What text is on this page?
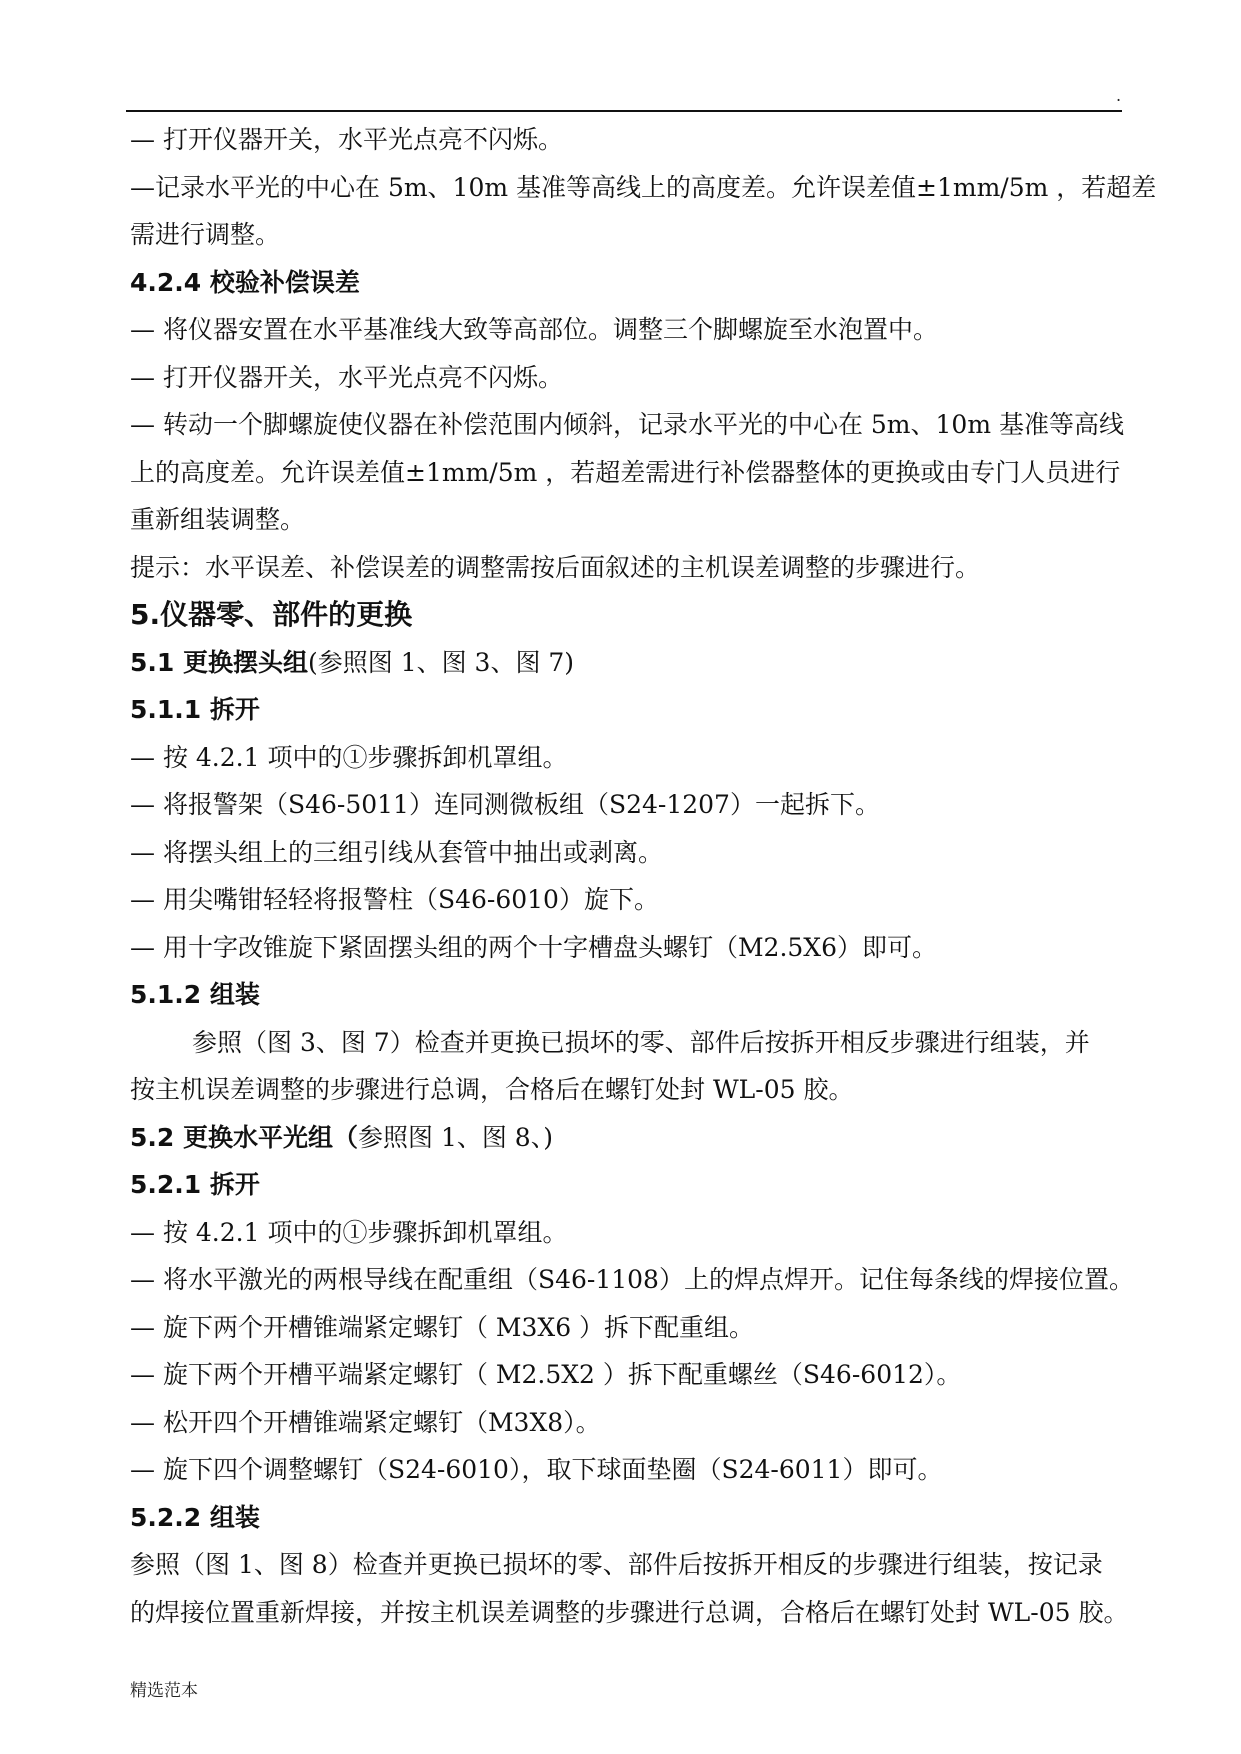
.
— 打开仪器开关，水平光点亮不闪烁。
—记录水平光的中心在 5m、10m 基准等高线上的高度差。允许误差值±1mm/5m ，若超差
需进行调整。
4.2.4 校验补偿误差
— 将仪器安置在水平基准线大致等高部位。调整三个脚螺旋至水泡置中。
— 打开仪器开关，水平光点亮不闪烁。
— 转动一个脚螺旋使仪器在补偿范围内倾斜，记录水平光的中心在 5m、10m 基准等高线
上的高度差。允许误差值±1mm/5m ，若超差需进行补偿器整体的更换或由专门人员进行
重新组装调整。
提示：水平误差、补偿误差的调整需按后面叙述的主机误差调整的步骤进行。
5.仪器零、部件的更换
5.1 更换摆头组(参照图 1、图 3、图 7)
5.1.1 拆开
— 按 4.2.1 项中的①步骤拆卸机罩组。
— 将报警架（S46-5011）连同测微板组（S24-1207）一起拆下。
— 将摆头组上的三组引线从套管中抽出或剥离。
— 用尖嘴钳轻轻将报警柱（S46-6010）旋下。
— 用十字改锥旋下紧固摆头组的两个十字槽盘头螺钉（M2.5X6）即可。
5.1.2 组装
参照（图 3、图 7）检查并更换已损坏的零、部件后按拆开相反步骤进行组装，并
按主机误差调整的步骤进行总调，合格后在螺钉处封 WL-05 胶。
5.2 更换水平光组（参照图 1、图 8、)
5.2.1 拆开
— 按 4.2.1 项中的①步骤拆卸机罩组。
— 将水平激光的两根导线在配重组（S46-1108）上的焊点焊开。记住每条线的焊接位置。
— 旋下两个开槽锥端紧定螺钉（ M3X6 ）拆下配重组。
— 旋下两个开槽平端紧定螺钉（ M2.5X2 ）拆下配重螺丝（S46-6012）。
— 松开四个开槽锥端紧定螺钉（M3X8）。
— 旋下四个调整螺钉（S24-6010），取下球面垫圈（S24-6011）即可。
5.2.2 组装
参照（图 1、图 8）检查并更换已损坏的零、部件后按拆开相反的步骤进行组装，按记录
的焊接位置重新焊接，并按主机误差调整的步骤进行总调，合格后在螺钉处封 WL-05 胶。
精选范本
